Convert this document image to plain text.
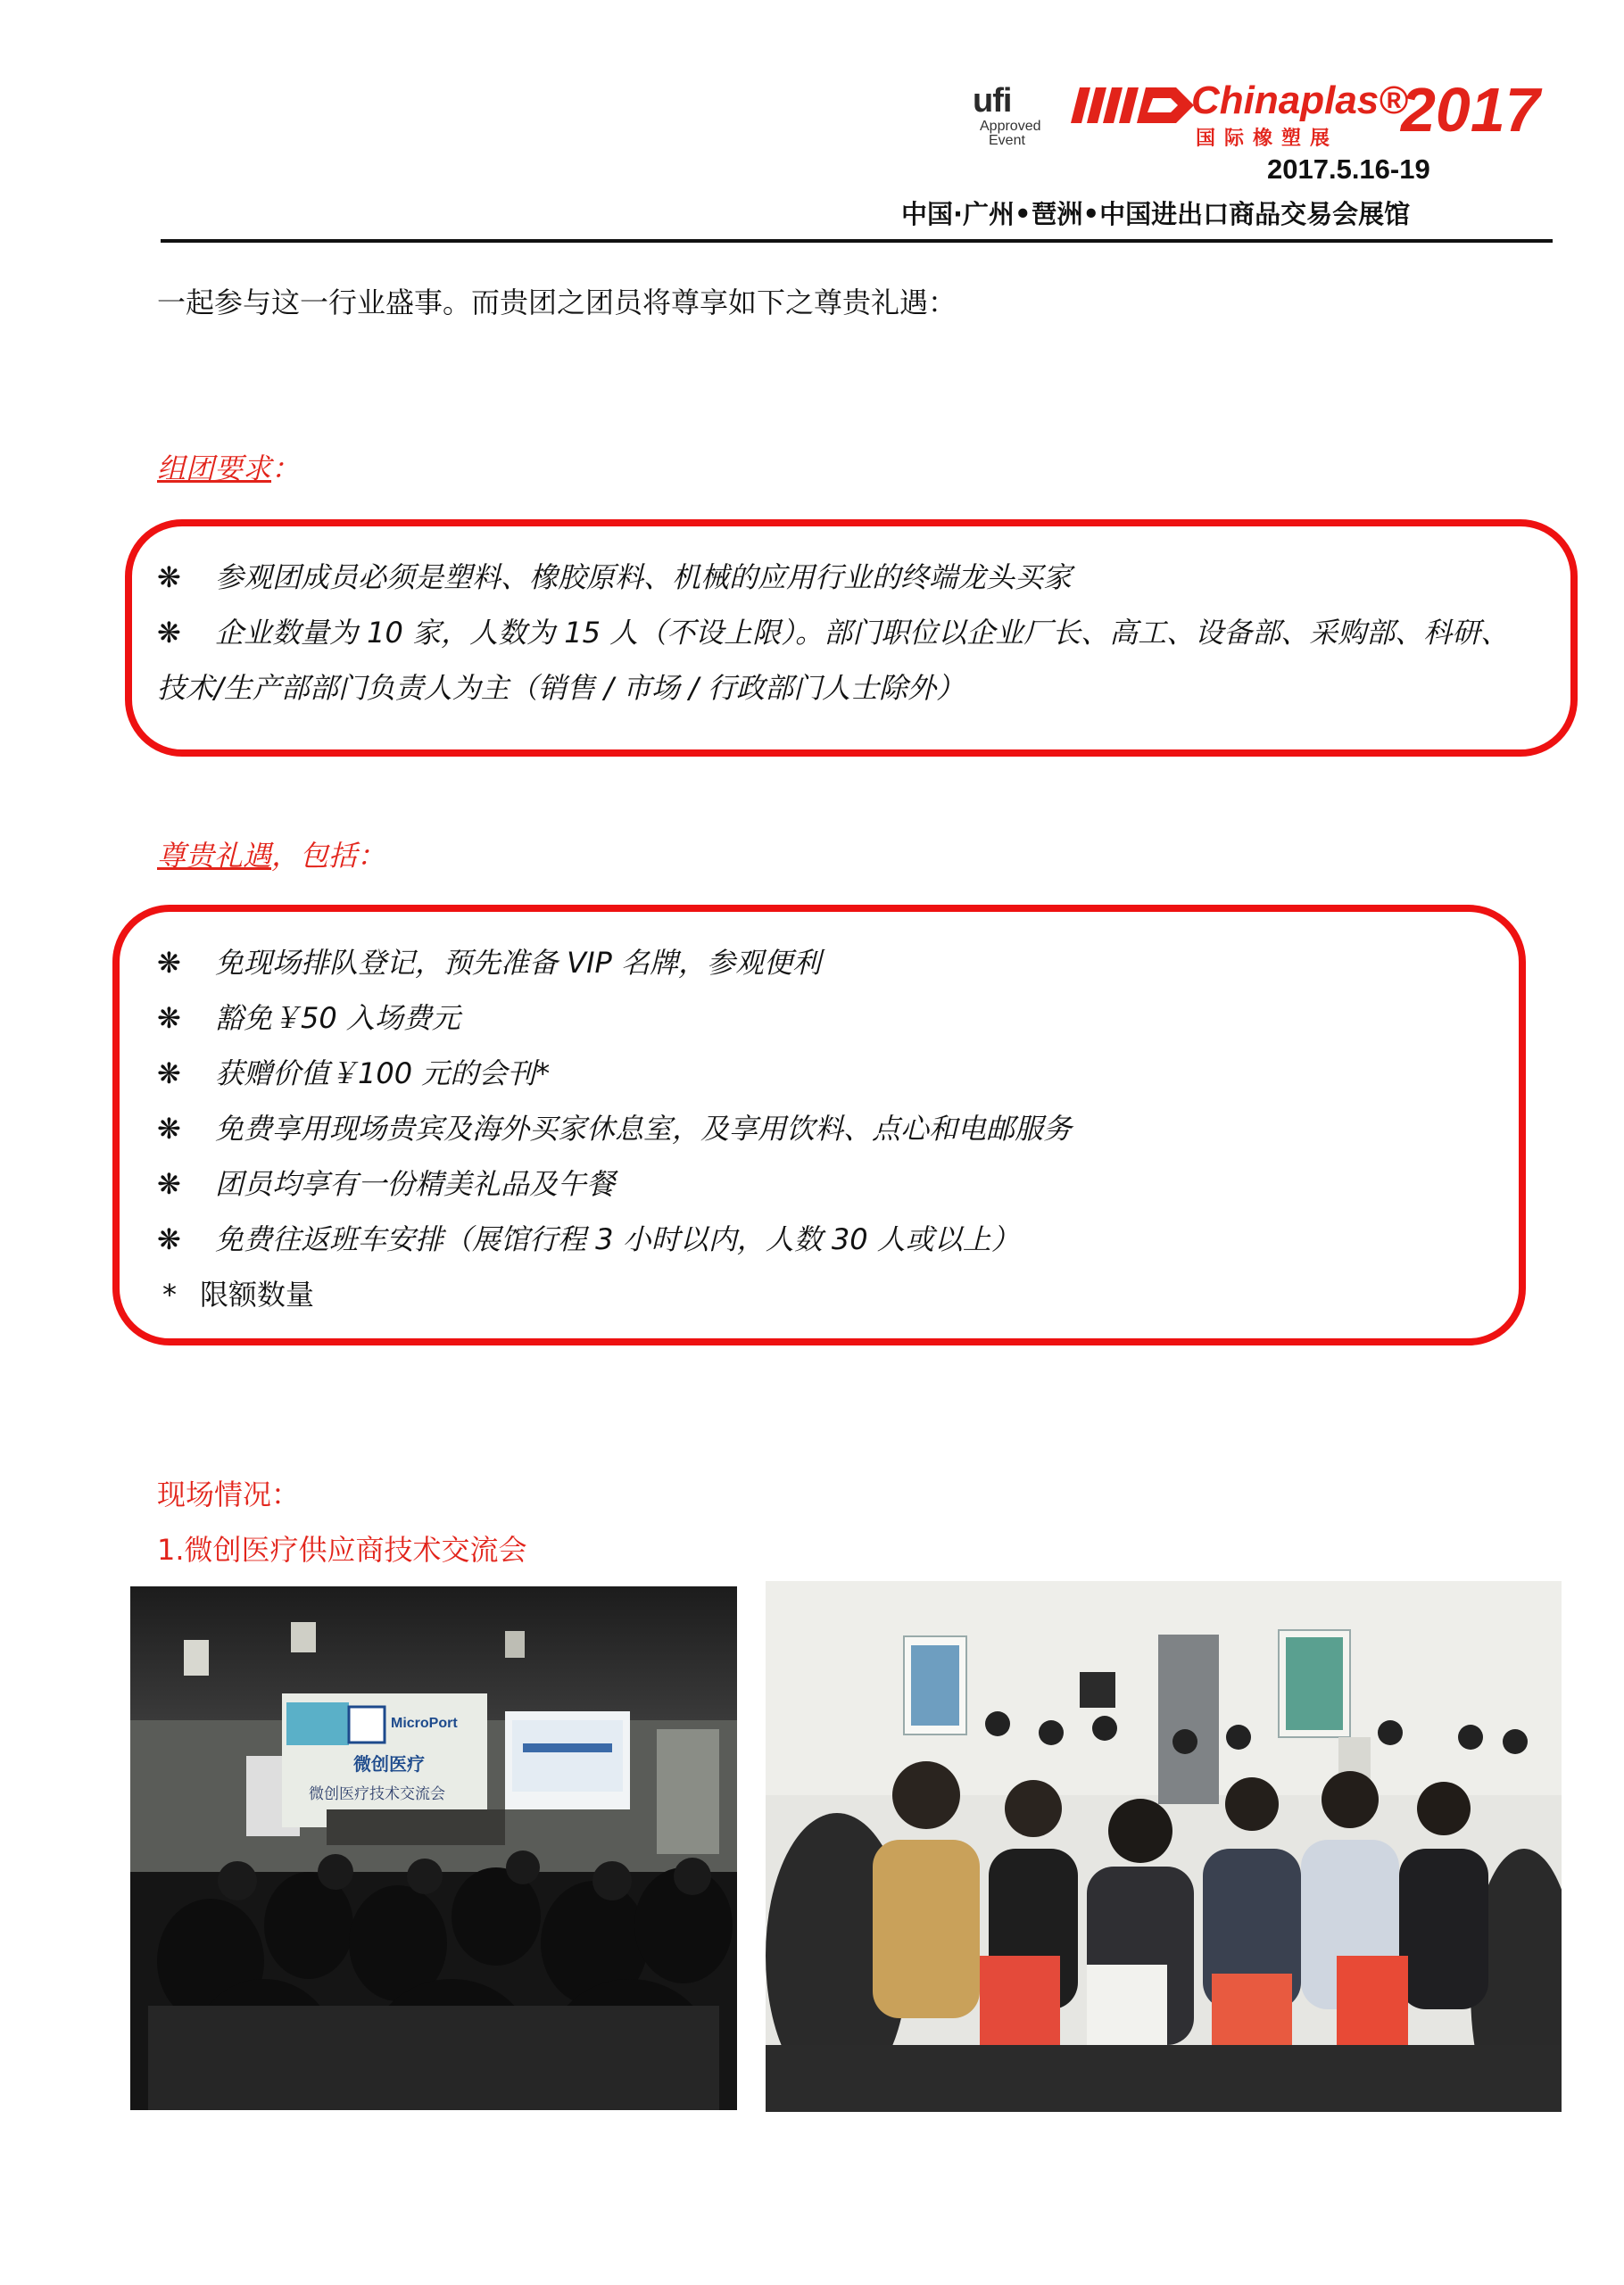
ufi
Approved
Event
Chinaplas®
国际橡塑展 2017
2017.5.16-19
中国·广州•琶洲•中国进出口商品交易会展馆
一起参与这一行业盛事。而贵团之团员将尊享如下之尊贵礼遇：
组团要求：
❋ 参观团成员必须是塑料、橡胶原料、机械的应用行业的终端龙头买家
❋ 企业数量为 10 家，人数为 15 人（不设上限）。部门职位以企业厂长、高工、设备部、采购部、科研、
技术/生产部部门负责人为主（销售 / 市场 / 行政部门人士除外）
尊贵礼遇，包括：
❋ 免现场排队登记，预先准备 VIP 名牌，参观便利
❋ 豁免￥50 入场费元
❋ 获赠价值￥100 元的会刊*
❋ 免费享用现场贵宾及海外买家休息室，及享用饮料、点心和电邮服务
❋ 团员均享有一份精美礼品及午餐
❋ 免费往返班车安排（展馆行程 3 小时以内，人数 30 人或以上）
* 限额数量
现场情况：
1.微创医疗供应商技术交流会
MicroPort
微创医疗
微创医疗技术交流会
